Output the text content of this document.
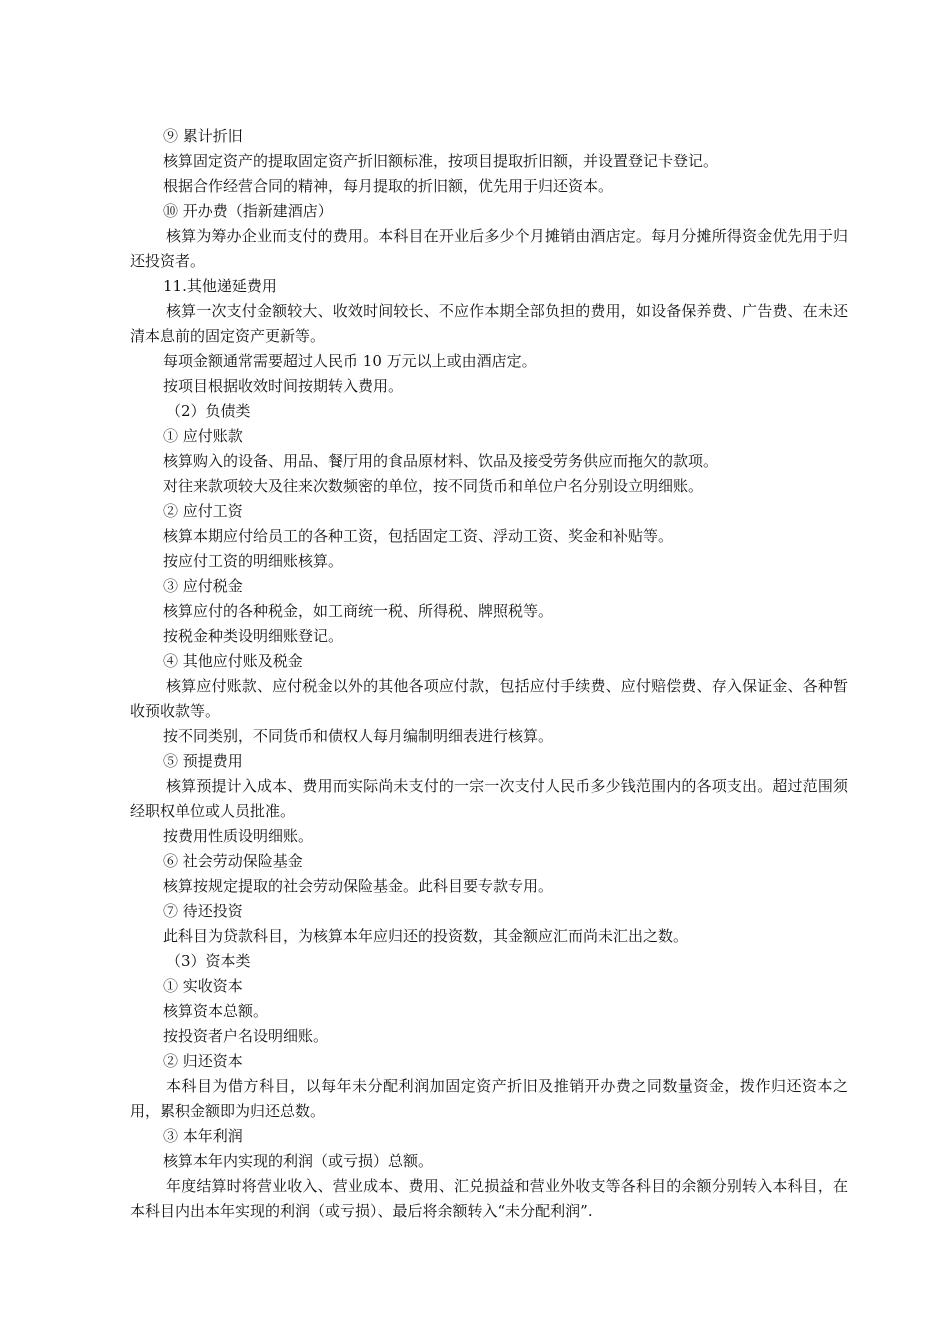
⑨ 累计折旧

核算固定资产的提取固定资产折旧额标准，按项目提取折旧额，并设置登记卡登记。

根据合作经营合同的精神，每月提取的折旧额，优先用于归还资本。

⑩ 开办费（指新建酒店）

核算为筹办企业而支付的费用。本科目在开业后多少个月摊销由酒店定。每月分摊所得资金优先用于归还投资者。

11.其他递延费用

核算一次支付金额较大、收效时间较长、不应作本期全部负担的费用，如设备保养费、广告费、在未还清本息前的固定资产更新等。

每项金额通常需要超过人民币 10 万元以上或由酒店定。

按项目根据收效时间按期转入费用。

（2）负债类

① 应付账款

核算购入的设备、用品、餐厅用的食品原材料、饮品及接受劳务供应而拖欠的款项。

对往来款项较大及往来次数频密的单位，按不同货币和单位户名分别设立明细账。

② 应付工资

核算本期应付给员工的各种工资，包括固定工资、浮动工资、奖金和补贴等。

按应付工资的明细账核算。

③ 应付税金

核算应付的各种税金，如工商统一税、所得税、牌照税等。

按税金种类设明细账登记。

④ 其他应付账及税金

核算应付账款、应付税金以外的其他各项应付款，包括应付手续费、应付赔偿费、存入保证金、各种暂收预收款等。

按不同类别，不同货币和债权人每月编制明细表进行核算。

⑤ 预提费用

核算预提计入成本、费用而实际尚未支付的一宗一次支付人民币多少钱范围内的各项支出。超过范围须经职权单位或人员批准。

按费用性质设明细账。

⑥ 社会劳动保险基金

核算按规定提取的社会劳动保险基金。此科目要专款专用。

⑦ 待还投资

此科目为贷款科目，为核算本年应归还的投资数，其金额应汇而尚未汇出之数。

（3）资本类

① 实收资本

核算资本总额。

按投资者户名设明细账。

② 归还资本

本科目为借方科目，以每年未分配利润加固定资产折旧及推销开办费之同数量资金，拨作归还资本之用，累积金额即为归还总数。

③ 本年利润

核算本年内实现的利润（或亏损）总额。

年度结算时将营业收入、营业成本、费用、汇兑损益和营业外收支等各科目的余额分别转入本科目，在本科目内出本年实现的利润（或亏损）、最后将余额转入“未分配利润”.
